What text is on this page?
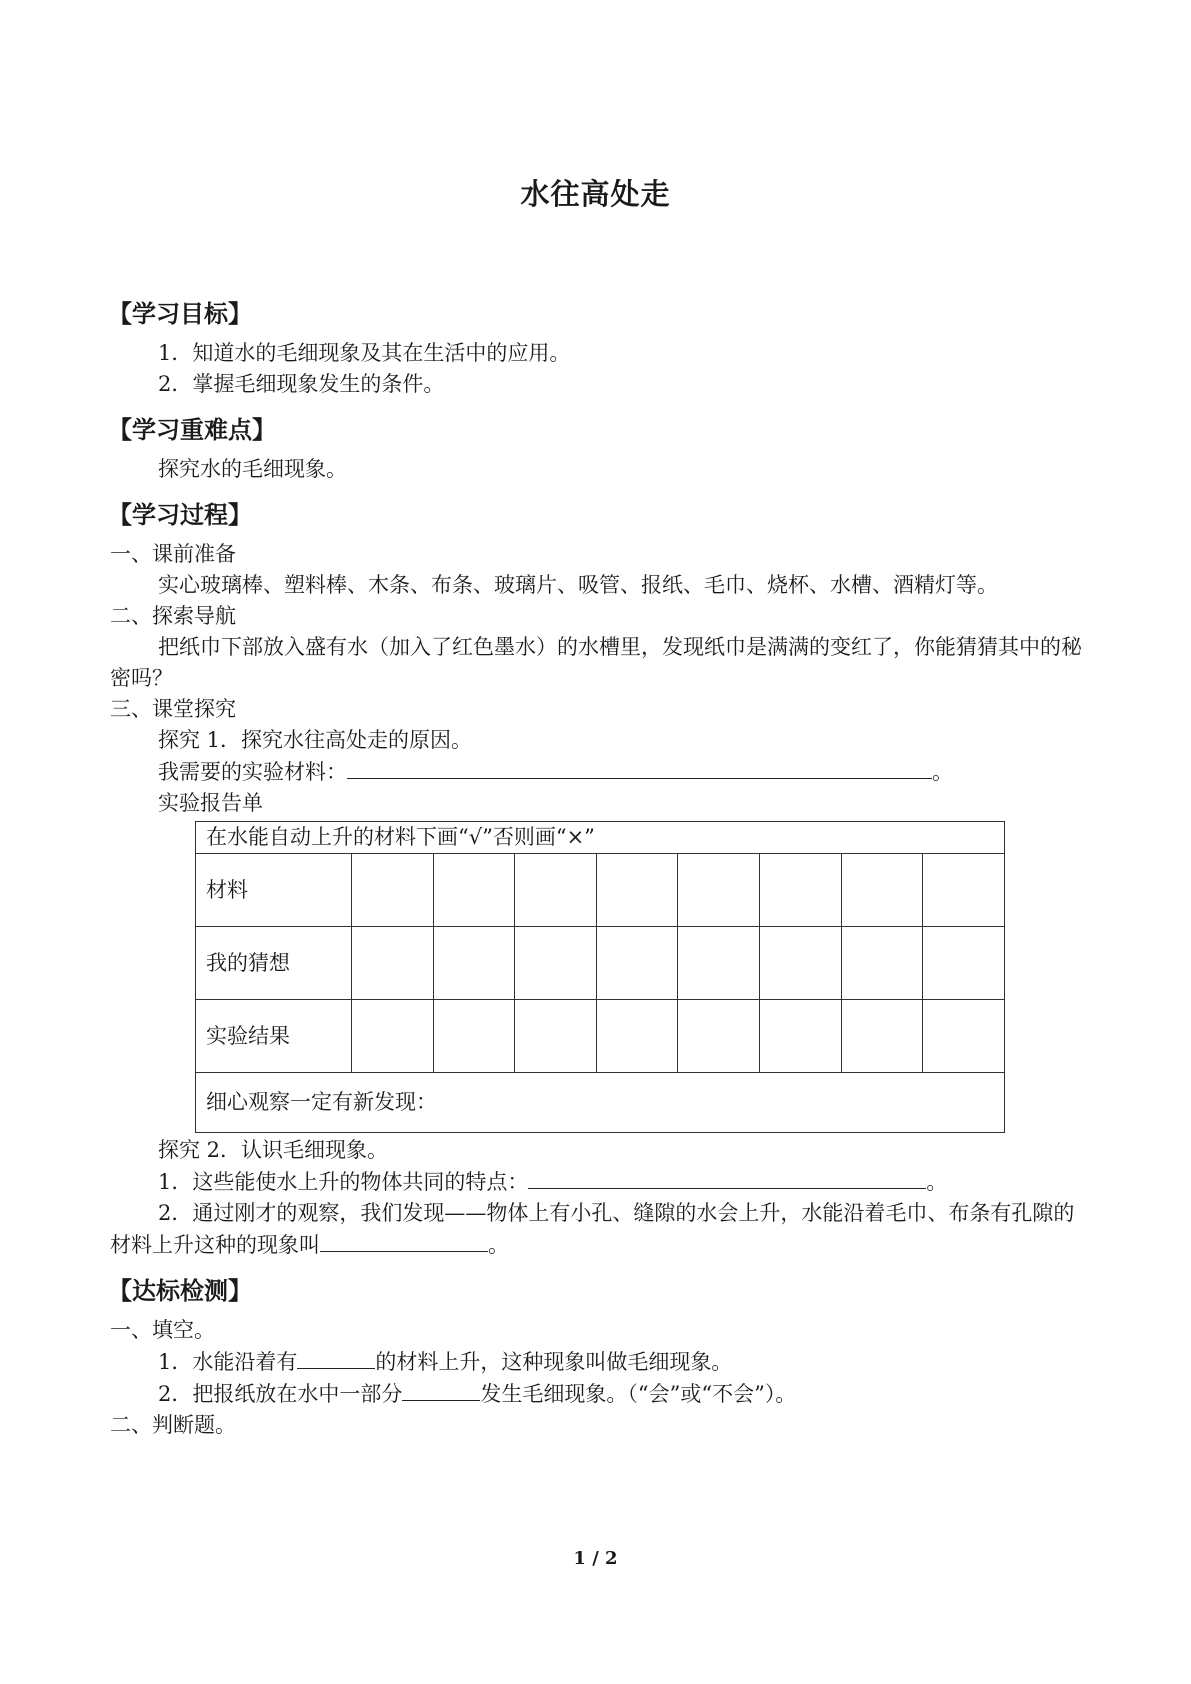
水往高处走
【学习目标】

1．知道水的毛细现象及其在生活中的应用。

2．掌握毛细现象发生的条件。

【学习重难点】

探究水的毛细现象。

【学习过程】

一、课前准备

实心玻璃棒、塑料棒、木条、布条、玻璃片、吸管、报纸、毛巾、烧杯、水槽、酒精灯等。

二、探索导航

把纸巾下部放入盛有水（加入了红色墨水）的水槽里，发现纸巾是满满的变红了，你能猜猜其中的秘密吗？

三、课堂探究

探究 1．探究水往高处走的原因。

我需要的实验材料：	。

实验报告单

在水能自动上升的材料下画“√”否则画“×”								
材料								
我的猜想								
实验结果								
细心观察一定有新发现：								

探究 2．认识毛细现象。

1．这些能使水上升的物体共同的特点：	。

2．通过刚才的观察，我们发现——物体上有小孔、缝隙的水会上升，水能沿着毛巾、布条有孔隙的材料上升这种的现象叫	。

【达标检测】

一、填空。

1．水能沿着有	的材料上升，这种现象叫做毛细现象。

2．把报纸放在水中一部分	发生毛细现象。（“会”或“不会”）。

二、判断题。

1 / 2
